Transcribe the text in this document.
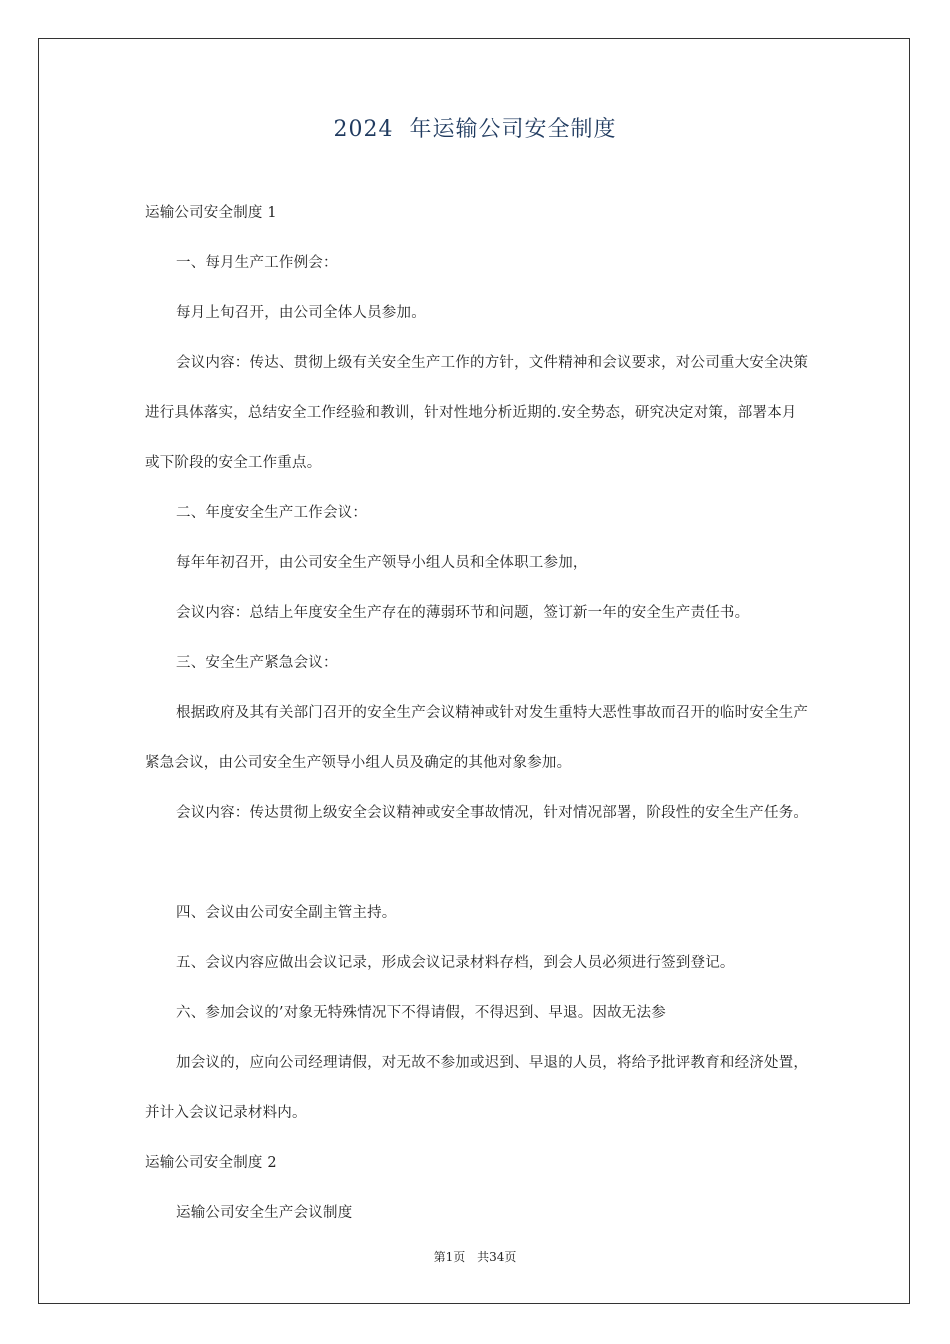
2024  年运输公司安全制度

运输公司安全制度 1

一、每月生产工作例会：

每月上旬召开，由公司全体人员参加。

会议内容：传达、贯彻上级有关安全生产工作的方针，文件精神和会议要求，对公司重大安全决策进行具体落实，总结安全工作经验和教训，针对性地分析近期的.安全势态，研究决定对策，部署本月或下阶段的安全工作重点。

二、年度安全生产工作会议：

每年年初召开，由公司安全生产领导小组人员和全体职工参加，

会议内容：总结上年度安全生产存在的薄弱环节和问题，签订新一年的安全生产责任书。

三、安全生产紧急会议：

根据政府及其有关部门召开的安全生产会议精神或针对发生重特大恶性事故而召开的临时安全生产紧急会议，由公司安全生产领导小组人员及确定的其他对象参加。

会议内容：传达贯彻上级安全会议精神或安全事故情况，针对情况部署，阶段性的安全生产任务。

四、会议由公司安全副主管主持。

五、会议内容应做出会议记录，形成会议记录材料存档，到会人员必须进行签到登记。

六、参加会议的’对象无特殊情况下不得请假，不得迟到、早退。因故无法参

加会议的，应向公司经理请假，对无故不参加或迟到、早退的人员，将给予批评教育和经济处置，并计入会议记录材料内。

运输公司安全制度 2

运输公司安全生产会议制度

第1页 共34页
